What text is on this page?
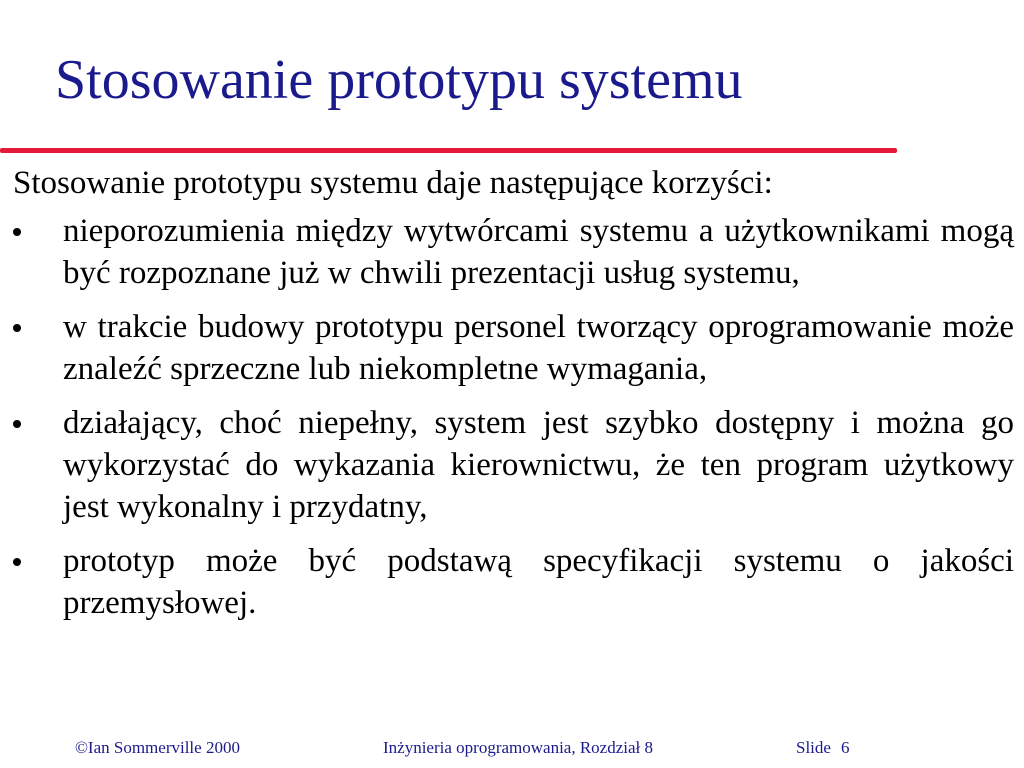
Stosowanie prototypu systemu

Stosowanie prototypu systemu daje następujące korzyści:

nieporozumienia między wytwórcami systemu a użytkownikami mogą być rozpoznane już w chwili prezentacji usług systemu,
w trakcie budowy prototypu personel tworzący oprogramowanie może znaleźć sprzeczne lub niekompletne wymagania,
działający, choć niepełny, system jest szybko dostępny i można go wykorzystać do wykazania kierownictwu, że ten program użytkowy jest wykonalny i przydatny,
prototyp może być podstawą specyfikacji systemu o jakości przemysłowej.
©Ian Sommerville 2000	Inżynieria oprogramowania, Rozdział 8	Slide 6
